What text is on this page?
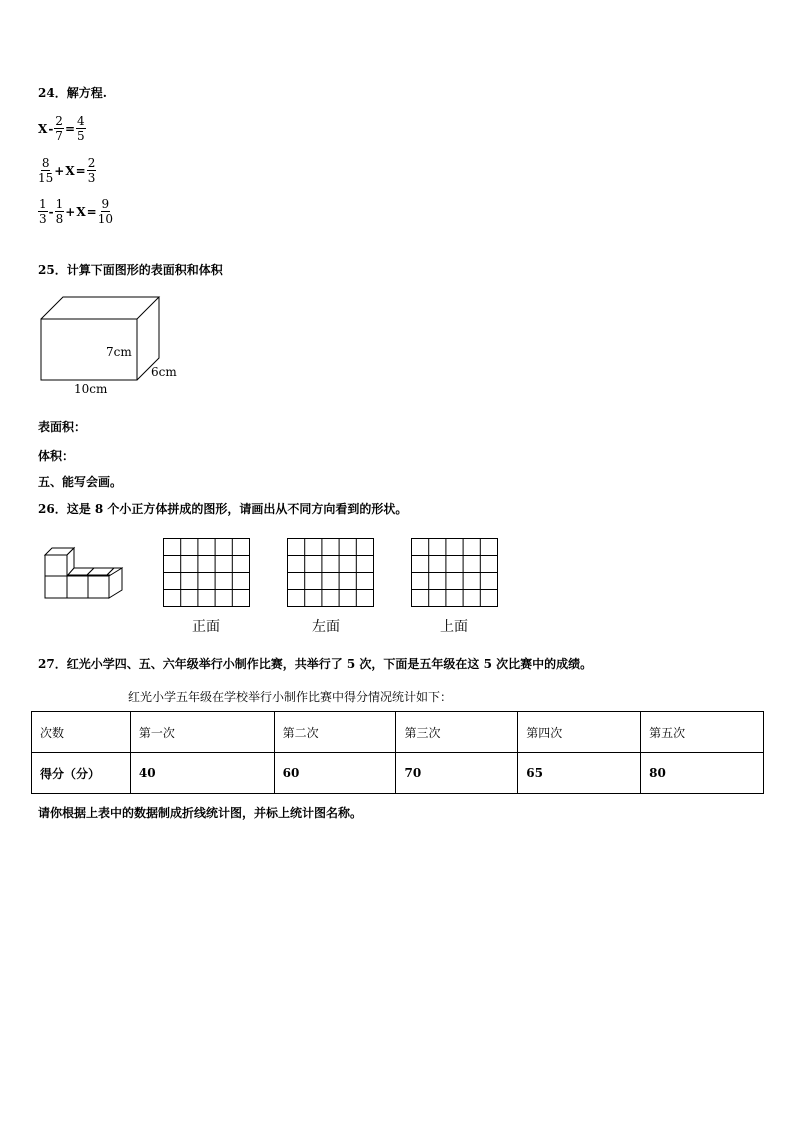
24．解方程.
$X - \frac{2}{7} = \frac{4}{5}$
$\frac{8}{15} + X = \frac{2}{3}$
$\frac{1}{3} - \frac{1}{8} + X = \frac{9}{10}$
25．计算下面图形的表面积和体积
7cm
6cm
10cm
表面积：
体积：
五、能写会画。
26．这是 8 个小正方体拼成的图形，请画出从不同方向看到的形状。
正面	左面	上面
27．红光小学四、五、六年级举行小制作比赛，共举行了 5 次，下面是五年级在这 5 次比赛中的成绩。
红光小学五年级在学校举行小制作比赛中得分情况统计如下：
次数	第一次	第二次	第三次	第四次	第五次
得分（分）	40	60	70	65	80
请你根据上表中的数据制成折线统计图，并标上统计图名称。
